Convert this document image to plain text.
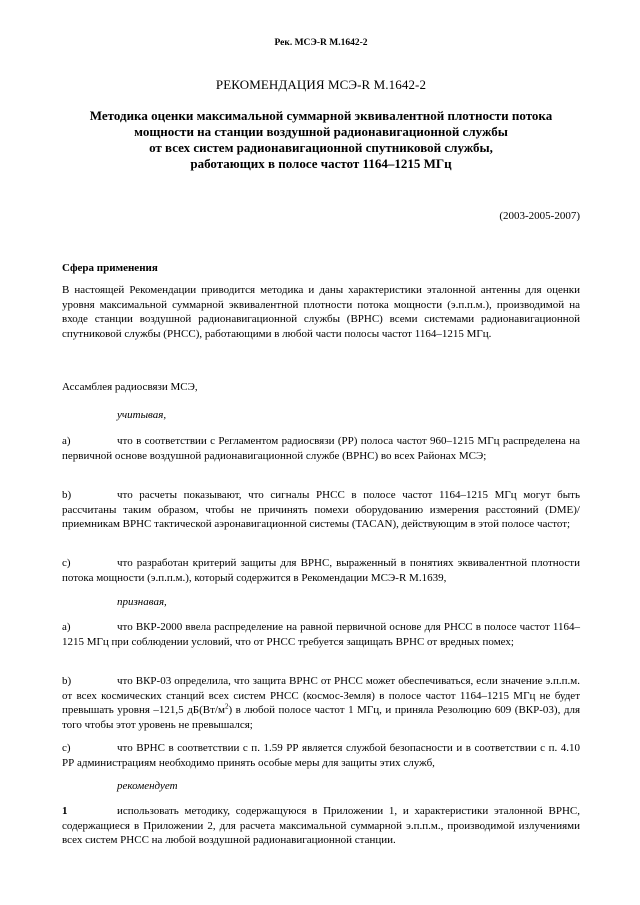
Рек. МСЭ-R M.1642-2
РЕКОМЕНДАЦИЯ МСЭ-R M.1642-2
Методика оценки максимальной суммарной эквивалентной плотности потока
мощности на станции воздушной радионавигационной службы
от всех систем радионавигационной спутниковой службы,
работающих в полосе частот 1164–1215 МГц
(2003-2005-2007)
Сфера применения
В настоящей Рекомендации приводится методика и даны характеристики эталонной антенны для оценки уровня максимальной суммарной эквивалентной плотности потока мощности (э.п.п.м.), производимой на входе станции воздушной радионавигационной службы (ВРНС) всеми системами радионавигационной спутниковой службы (РНСС), работающими в любой части полосы частот 1164–1215 МГц.
Ассамблея радиосвязи МСЭ,
учитывая,
a)	что в соответствии с Регламентом радиосвязи (РР) полоса частот 960–1215 МГц распределена на первичной основе воздушной радионавигационной службе (ВРНС) во всех Районах МСЭ;
b)	что расчеты показывают, что сигналы РНСС в полосе частот 1164–1215 МГц могут быть рассчитаны таким образом, чтобы не причинять помехи оборудованию измерения расстояний (DME)/приемникам ВРНС тактической аэронавигационной системы (TACAN), действующим в этой полосе частот;
c)	что разработан критерий защиты для ВРНС, выраженный в понятиях эквивалентной плотности потока мощности (э.п.п.м.), который содержится в Рекомендации МСЭ-R M.1639,
признавая,
a)	что ВКР-2000 ввела распределение на равной первичной основе для РНСС в полосе частот 1164–1215 МГц при соблюдении условий, что от РНСС требуется защищать ВРНС от вредных помех;
b)	что ВКР-03 определила, что защита ВРНС от РНСС может обеспечиваться, если значение э.п.п.м. от всех космических станций всех систем РНСС (космос-Земля) в полосе частот 1164–1215 МГц не будет превышать уровня –121,5 $дБ(Вт/м^2)$ в любой полосе частот 1 МГц, и приняла Резолюцию 609 (ВКР-03), для того чтобы этот уровень не превышался;
c)	что ВРНС в соответствии с п. 1.59 РР является службой безопасности и в соответствии с п. 4.10 РР администрациям необходимо принять особые меры для защиты этих служб,
рекомендует
1	использовать методику, содержащуюся в Приложении 1, и характеристики эталонной ВРНС, содержащиеся в Приложении 2, для расчета максимальной суммарной э.п.п.м., производимой излучениями всех систем РНСС на любой воздушной радионавигационной станции.
